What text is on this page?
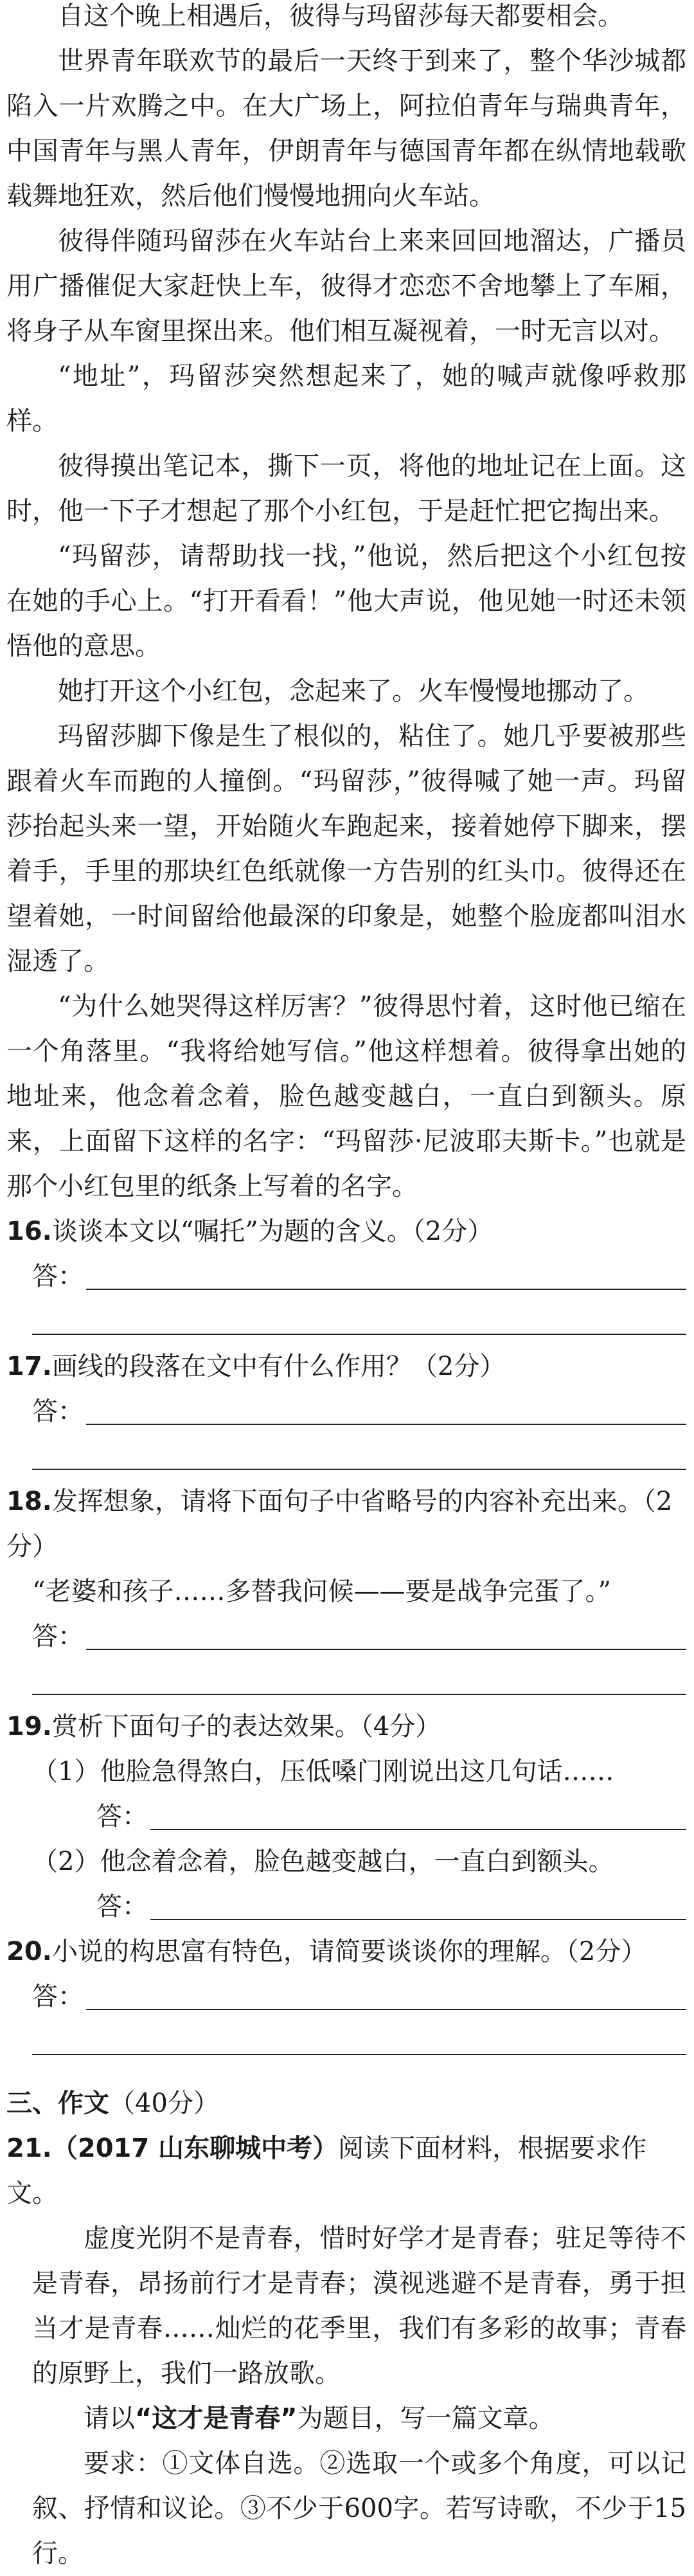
自这个晚上相遇后，彼得与玛留莎每天都要相会。

世界青年联欢节的最后一天终于到来了，整个华沙城都陷入一片欢腾之中。在大广场上，阿拉伯青年与瑞典青年，中国青年与黑人青年，伊朗青年与德国青年都在纵情地载歌载舞地狂欢，然后他们慢慢地拥向火车站。

彼得伴随玛留莎在火车站台上来来回回地溜达，广播员用广播催促大家赶快上车，彼得才恋恋不舍地攀上了车厢，将身子从车窗里探出来。他们相互凝视着，一时无言以对。

“地址”，玛留莎突然想起来了，她的喊声就像呼救那样。

彼得摸出笔记本，撕下一页，将他的地址记在上面。这时，他一下子才想起了那个小红包，于是赶忙把它掏出来。

“玛留莎，请帮助找一找，”他说，然后把这个小红包按在她的手心上。“打开看看！”他大声说，他见她一时还未领悟他的意思。

她打开这个小红包，念起来了。火车慢慢地挪动了。

玛留莎脚下像是生了根似的，粘住了。她几乎要被那些跟着火车而跑的人撞倒。“玛留莎，”彼得喊了她一声。玛留莎抬起头来一望，开始随火车跑起来，接着她停下脚来，摆着手，手里的那块红色纸就像一方告别的红头巾。彼得还在望着她，一时间留给他最深的印象是，她整个脸庞都叫泪水湿透了。

“为什么她哭得这样厉害？”彼得思忖着，这时他已缩在一个角落里。“我将给她写信。”他这样想着。彼得拿出她的地址来，他念着念着，脸色越变越白，一直白到额头。原来，上面留下这样的名字：“玛留莎·尼波耶夫斯卡。”也就是那个小红包里的纸条上写着的名字。

16.谈谈本文以“嘱托”为题的含义。（2分）

答：

17.画线的段落在文中有什么作用？（2分）

答：

18.发挥想象，请将下面句子中省略号的内容补充出来。（2分）

“老婆和孩子……多替我问候——要是战争完蛋了。”

答：

19.赏析下面句子的表达效果。（4分）

（1）他脸急得煞白，压低嗓门刚说出这几句话……

答：

（2）他念着念着，脸色越变越白，一直白到额头。

答：

20.小说的构思富有特色，请简要谈谈你的理解。（2分）

答：

三、作文（40分）

21.（2017 山东聊城中考）阅读下面材料，根据要求作文。

虚度光阴不是青春，惜时好学才是青春；驻足等待不是青春，昂扬前行才是青春；漠视逃避不是青春，勇于担当才是青春……灿烂的花季里，我们有多彩的故事；青春的原野上，我们一路放歌。

请以“这才是青春”为题目，写一篇文章。

要求：①文体自选。②选取一个或多个角度，可以记叙、抒情和议论。③不少于600字。若写诗歌，不少于15行。
